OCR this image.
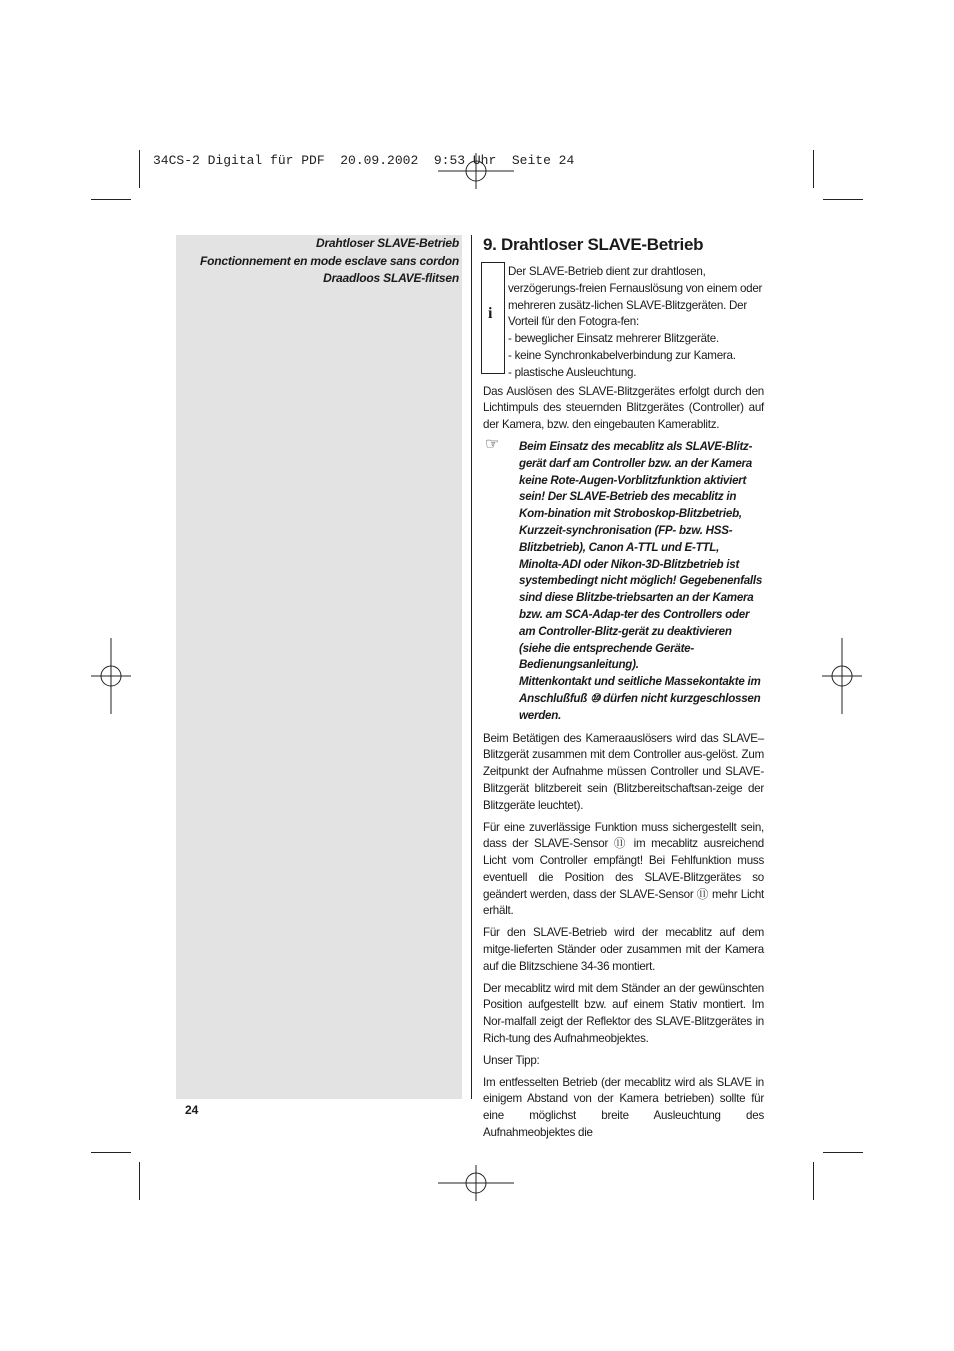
34CS-2 Digital für PDF  20.09.2002  9:53 Uhr  Seite 24
Drahtloser SLAVE-Betrieb
Fonctionnement en mode esclave sans cordon
Draadloos SLAVE-flitsen
9. Drahtloser SLAVE-Betrieb
i

Der SLAVE-Betrieb dient zur drahtlosen, verzögerungs-freien Fernauslösung von einem oder mehreren zusätz-lichen SLAVE-Blitzgeräten. Der Vorteil für den Fotogra-fen:

- beweglicher Einsatz mehrerer Blitzgeräte.

- keine Synchronkabelverbindung zur Kamera.

- plastische Ausleuchtung.

Das Auslösen des SLAVE-Blitzgerätes erfolgt durch den Lichtimpuls des steuernden Blitzgerätes (Controller) auf der Kamera, bzw. den eingebauten Kamerablitz.

☞ Beim Einsatz des mecablitz als SLAVE-Blitz-gerät darf am Controller bzw. an der Kamera keine Rote-Augen-Vorblitzfunktion aktiviert sein! Der SLAVE-Betrieb des mecablitz in Kom-bination mit Stroboskop-Blitzbetrieb, Kurzzeit-synchronisation (FP- bzw. HSS-Blitzbetrieb), Canon A-TTL und E-TTL, Minolta-ADI oder Nikon-3D-Blitzbetrieb ist systembedingt nicht möglich! Gegebenenfalls sind diese Blitzbe-triebsarten an der Kamera bzw. am SCA-Adap-ter des Controllers oder am Controller-Blitz-gerät zu deaktivieren (siehe die entsprechende Geräte-Bedienungsanleitung).

Mittenkontakt und seitliche Massekontakte im Anschlußfuß ⑩ dürfen nicht kurzgeschlossen werden.

Beim Betätigen des Kameraauslösers wird das SLAVE–Blitzgerät zusammen mit dem Controller aus-gelöst. Zum Zeitpunkt der Aufnahme müssen Controller und SLAVE-Blitzgerät blitzbereit sein (Blitzbereitschaftsan-zeige der Blitzgeräte leuchtet).

Für eine zuverlässige Funktion muss sichergestellt sein, dass der SLAVE-Sensor ⑪ im mecablitz ausreichend Licht vom Controller empfängt! Bei Fehlfunktion muss eventuell die Position des SLAVE-Blitzgerätes so geändert werden, dass der SLAVE-Sensor ⑪ mehr Licht erhält.

Für den SLAVE-Betrieb wird der mecablitz auf dem mitge-lieferten Ständer oder zusammen mit der Kamera auf die Blitzschiene 34-36 montiert.

Der mecablitz wird mit dem Ständer an der gewünschten Position aufgestellt bzw. auf einem Stativ montiert. Im Nor-malfall zeigt der Reflektor des SLAVE-Blitzgerätes in Rich-tung des Aufnahmeobjektes.

Unser Tipp:

Im entfesselten Betrieb (der mecablitz wird als SLAVE in einigem Abstand von der Kamera betrieben) sollte für eine möglichst breite Ausleuchtung des Aufnahmeobjektes die

24
